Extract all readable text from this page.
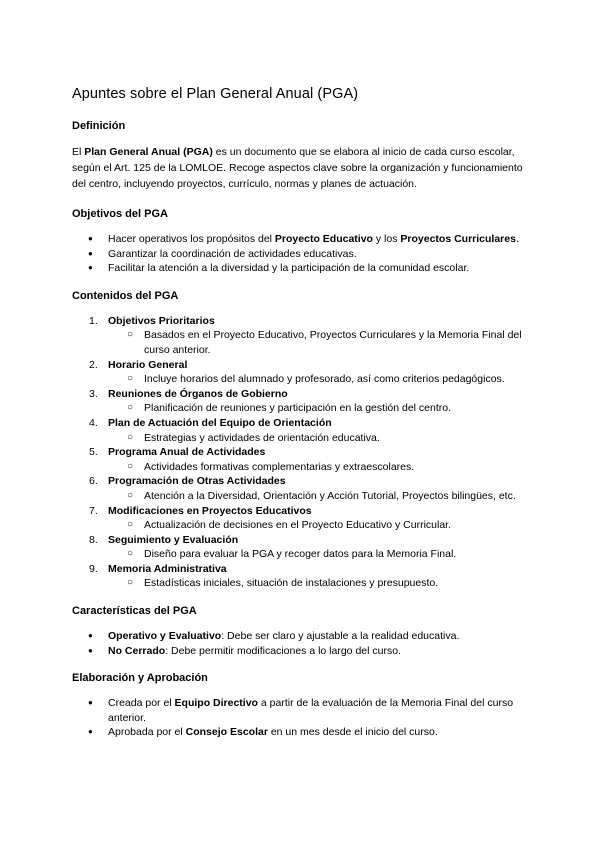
Apuntes sobre el Plan General Anual (PGA)
Definición

El Plan General Anual (PGA) es un documento que se elabora al inicio de cada curso escolar, según el Art. 125 de la LOMLOE. Recoge aspectos clave sobre la organización y funcionamiento del centro, incluyendo proyectos, currículo, normas y planes de actuación.

Objetivos del PGA
● Hacer operativos los propósitos del Proyecto Educativo y los Proyectos Curriculares.
● Garantizar la coordinación de actividades educativas.
● Facilitar la atención a la diversidad y la participación de la comunidad escolar.
Contenidos del PGA
1. Objetivos Prioritarios
○ Basados en el Proyecto Educativo, Proyectos Curriculares y la Memoria Final del curso anterior.
2. Horario General
○ Incluye horarios del alumnado y profesorado, así como criterios pedagógicos.
3. Reuniones de Órganos de Gobierno
○ Planificación de reuniones y participación en la gestión del centro.
4. Plan de Actuación del Equipo de Orientación
○ Estrategias y actividades de orientación educativa.
5. Programa Anual de Actividades
○ Actividades formativas complementarias y extraescolares.
6. Programación de Otras Actividades
○ Atención a la Diversidad, Orientación y Acción Tutorial, Proyectos bilingües, etc.
7. Modificaciones en Proyectos Educativos
○ Actualización de decisiones en el Proyecto Educativo y Curricular.
8. Seguimiento y Evaluación
○ Diseño para evaluar la PGA y recoger datos para la Memoria Final.
9. Memoria Administrativa
○ Estadísticas iniciales, situación de instalaciones y presupuesto.
Características del PGA
● Operativo y Evaluativo: Debe ser claro y ajustable a la realidad educativa.
● No Cerrado: Debe permitir modificaciones a lo largo del curso.
Elaboración y Aprobación
● Creada por el Equipo Directivo a partir de la evaluación de la Memoria Final del curso anterior.
● Aprobada por el Consejo Escolar en un mes desde el inicio del curso.
